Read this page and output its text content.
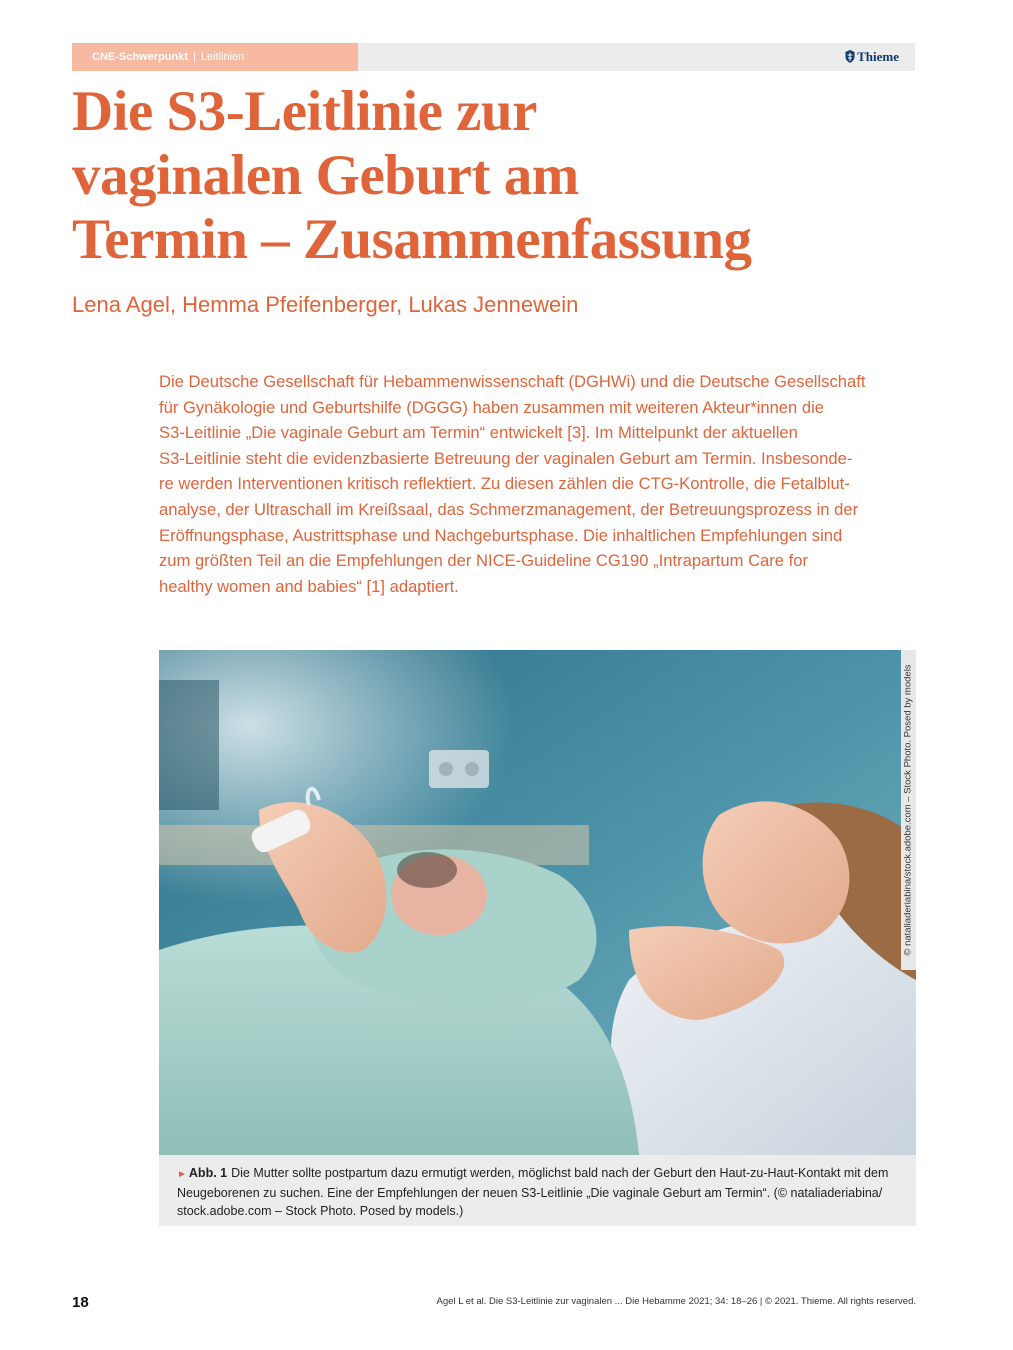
CNE-Schwerpunkt | Leitlinien	Thieme
Die S3-Leitlinie zur
vaginalen Geburt am
Termin – Zusammenfassung
Lena Agel, Hemma Pfeifenberger, Lukas Jennewein
Die Deutsche Gesellschaft für Hebammenwissenschaft (DGHWi) und die Deutsche Gesellschaft
für Gynäkologie und Geburtshilfe (DGGG) haben zusammen mit weiteren Akteur*innen die
S3-Leitlinie „Die vaginale Geburt am Termin“ entwickelt [3]. Im Mittelpunkt der aktuellen
S3-Leitlinie steht die evidenzbasierte Betreuung der vaginalen Geburt am Termin. Insbesonde-
re werden Interventionen kritisch reflektiert. Zu diesen zählen die CTG-Kontrolle, die Fetalblut-
analyse, der Ultraschall im Kreißsaal, das Schmerzmanagement, der Betreuungsprozess in der
Eröffnungsphase, Austrittsphase und Nachgeburtsphase. Die inhaltlichen Empfehlungen sind
zum größten Teil an die Empfehlungen der NICE-Guideline CG190 „Intrapartum Care for
healthy women and babies“ [1] adaptiert.
© nataliaderiabina/stock.adobe.com – Stock Photo. Posed by models
► Abb. 1 Die Mutter sollte postpartum dazu ermutigt werden, möglichst bald nach der Geburt den Haut-zu-Haut-Kontakt mit dem
Neugeborenen zu suchen. Eine der Empfehlungen der neuen S3-Leitlinie „Die vaginale Geburt am Termin“. (© nataliaderiabina/
stock.adobe.com – Stock Photo. Posed by models.)
18	Agel L et al. Die S3-Leitlinie zur vaginalen ... Die Hebamme 2021; 34: 18–26 | © 2021. Thieme. All rights reserved.
